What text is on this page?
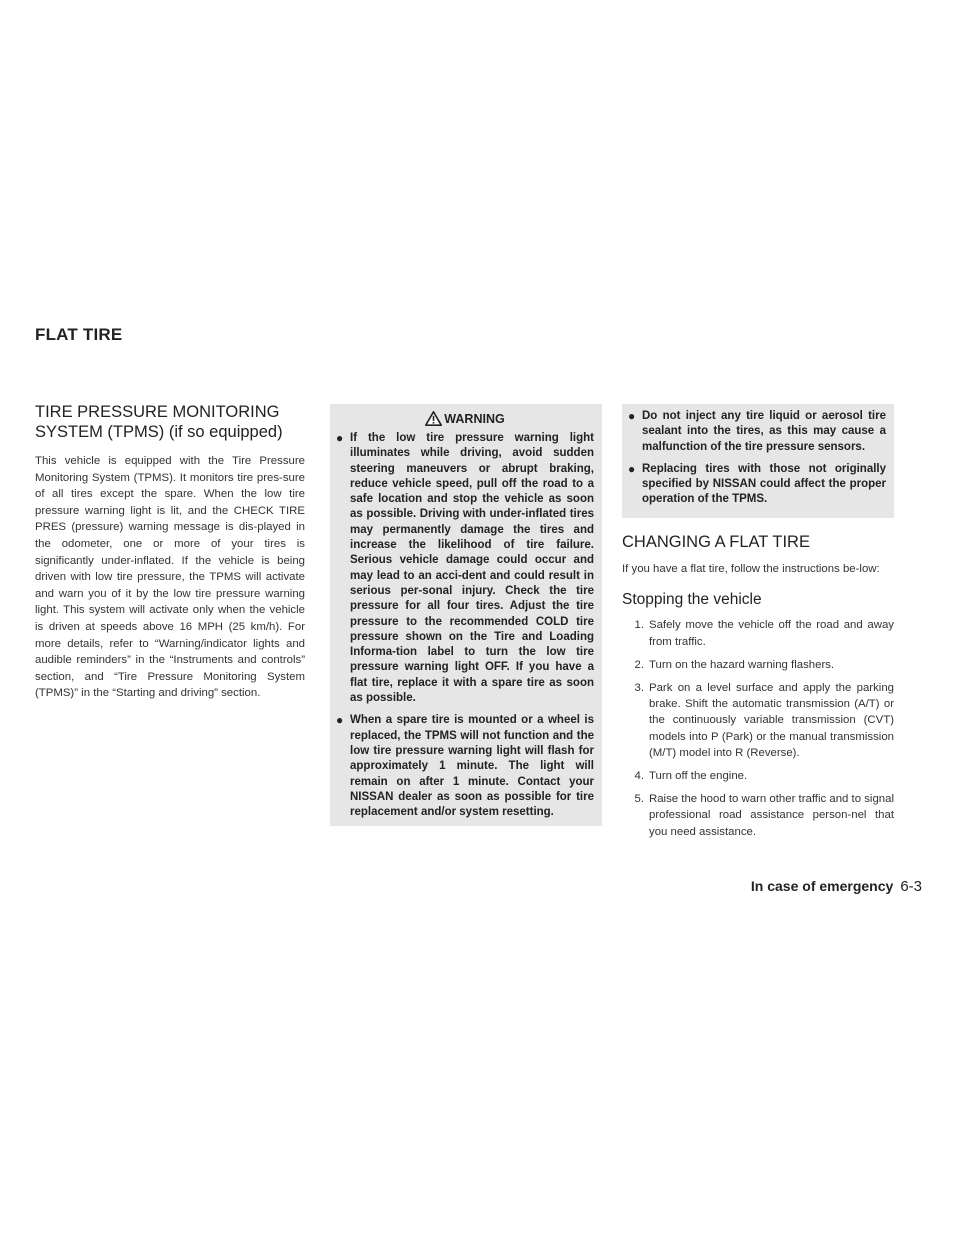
FLAT TIRE
TIRE PRESSURE MONITORING SYSTEM (TPMS) (if so equipped)

This vehicle is equipped with the Tire Pressure Monitoring System (TPMS). It monitors tire pres-sure of all tires except the spare. When the low tire pressure warning light is lit, and the CHECK TIRE PRES (pressure) warning message is dis-played in the odometer, one or more of your tires is significantly under-inflated. If the vehicle is being driven with low tire pressure, the TPMS will activate and warn you of it by the low tire pressure warning light. This system will activate only when the vehicle is driven at speeds above 16 MPH (25 km/h). For more details, refer to “Warning/indicator lights and audible reminders” in the “Instruments and controls” section, and “Tire Pressure Monitoring System (TPMS)” in the “Starting and driving” section.

WARNING
● If the low tire pressure warning light illuminates while driving, avoid sudden steering maneuvers or abrupt braking, reduce vehicle speed, pull off the road to a safe location and stop the vehicle as soon as possible. Driving with under-inflated tires may permanently damage the tires and increase the likelihood of tire failure. Serious vehicle damage could occur and may lead to an acci-dent and could result in serious per-sonal injury. Check the tire pressure for all four tires. Adjust the tire pressure to the recommended COLD tire pressure shown on the Tire and Loading Informa-tion label to turn the low tire pressure warning light OFF. If you have a flat tire, replace it with a spare tire as soon as possible.
● When a spare tire is mounted or a wheel is replaced, the TPMS will not function and the low tire pressure warning light will flash for approximately 1 minute. The light will remain on after 1 minute. Contact your NISSAN dealer as soon as possible for tire replacement and/or system resetting.
● Do not inject any tire liquid or aerosol tire sealant into the tires, as this may cause a malfunction of the tire pressure sensors.
● Replacing tires with those not originally specified by NISSAN could affect the proper operation of the TPMS.
CHANGING A FLAT TIRE

If you have a flat tire, follow the instructions be-low:

Stopping the vehicle
1. Safely move the vehicle off the road and away from traffic.
2. Turn on the hazard warning flashers.
3. Park on a level surface and apply the parking brake. Shift the automatic transmission (A/T) or the continuously variable transmission (CVT) models into P (Park) or the manual transmission (M/T) model into R (Reverse).
4. Turn off the engine.
5. Raise the hood to warn other traffic and to signal professional road assistance person-nel that you need assistance.
In case of emergency 6-3
